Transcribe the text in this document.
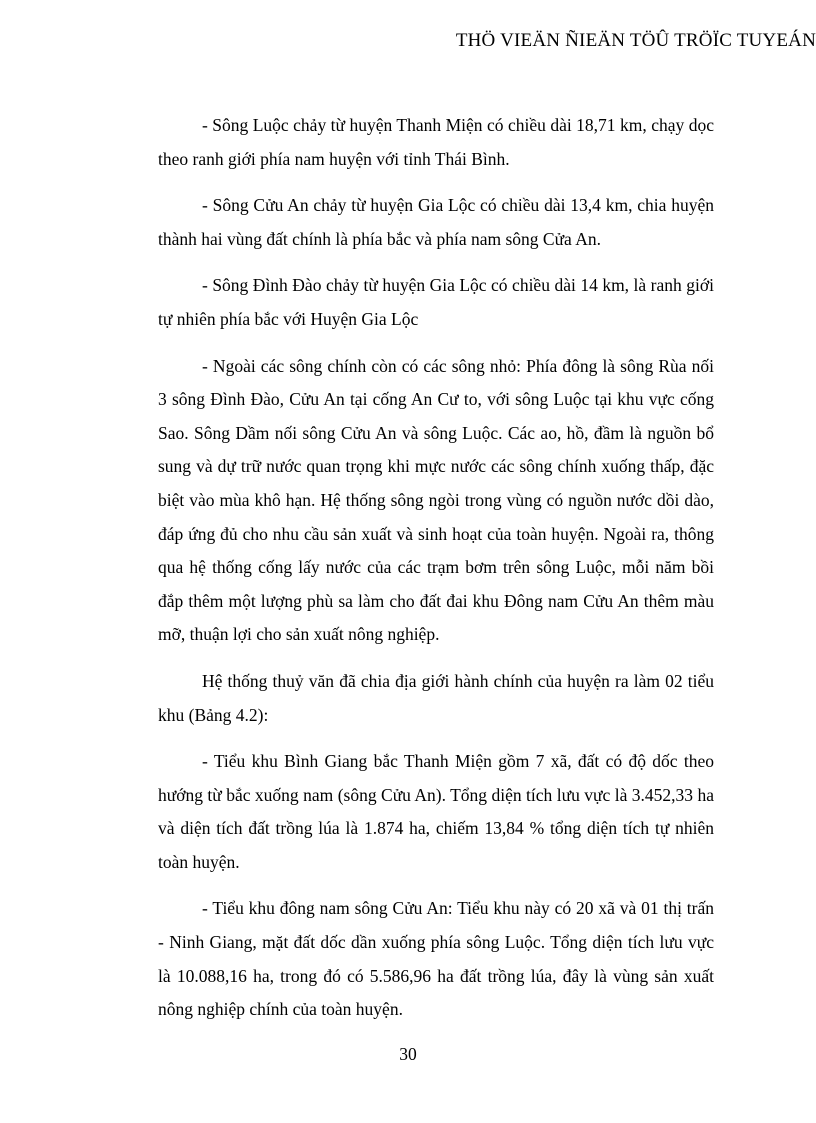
THÖ VIEÄN ÑIEÄN TÖÛ TRÖÏC TUYEÁN

- Sông Luộc chảy từ huyện Thanh Miện có chiều dài 18,71 km, chạy dọc theo ranh giới phía nam huyện với tỉnh Thái Bình.

- Sông Cửu An chảy từ huyện Gia Lộc có chiều dài 13,4 km, chia huyện thành hai vùng đất chính là phía bắc và phía nam sông Cửa An.

- Sông Đình Đào chảy từ huyện Gia Lộc có chiều dài 14 km, là ranh giới tự nhiên phía bắc với Huyện Gia Lộc

- Ngoài các sông chính còn có các sông nhỏ: Phía đông là sông Rùa nối 3 sông Đình Đào, Cửu An tại cống An Cư to, với sông Luộc tại khu vực cống Sao. Sông Dầm nối sông Cửu An và sông Luộc. Các ao, hồ, đầm là nguồn bổ sung và dự trữ nước quan trọng khi mực nước các sông chính xuống thấp, đặc biệt vào mùa khô hạn. Hệ thống sông ngòi trong vùng có nguồn nước dồi dào, đáp ứng đủ cho nhu cầu sản xuất và sinh hoạt của toàn huyện. Ngoài ra, thông qua hệ thống cống lấy nước của các trạm bơm trên sông Luộc, mỗi năm bồi đắp thêm một lượng phù sa làm cho đất đai khu Đông nam Cửu An thêm màu mỡ, thuận lợi cho sản xuất nông nghiệp.

Hệ thống thuỷ văn đã chia địa giới hành chính của huyện ra làm 02 tiểu khu (Bảng 4.2):

- Tiểu khu Bình Giang bắc Thanh Miện gồm 7 xã, đất có độ dốc theo hướng từ bắc xuống nam (sông Cửu An). Tổng diện tích lưu vực là 3.452,33 ha và diện tích đất trồng lúa là 1.874 ha, chiếm 13,84 % tổng diện tích tự nhiên toàn huyện.

- Tiểu khu đông nam sông Cửu An: Tiểu khu này có 20 xã và 01 thị trấn - Ninh Giang, mặt đất dốc dần xuống phía sông Luộc. Tổng diện tích lưu vực là 10.088,16 ha, trong đó có 5.586,96 ha đất trồng lúa, đây là vùng sản xuất nông nghiệp chính của toàn huyện.

30
